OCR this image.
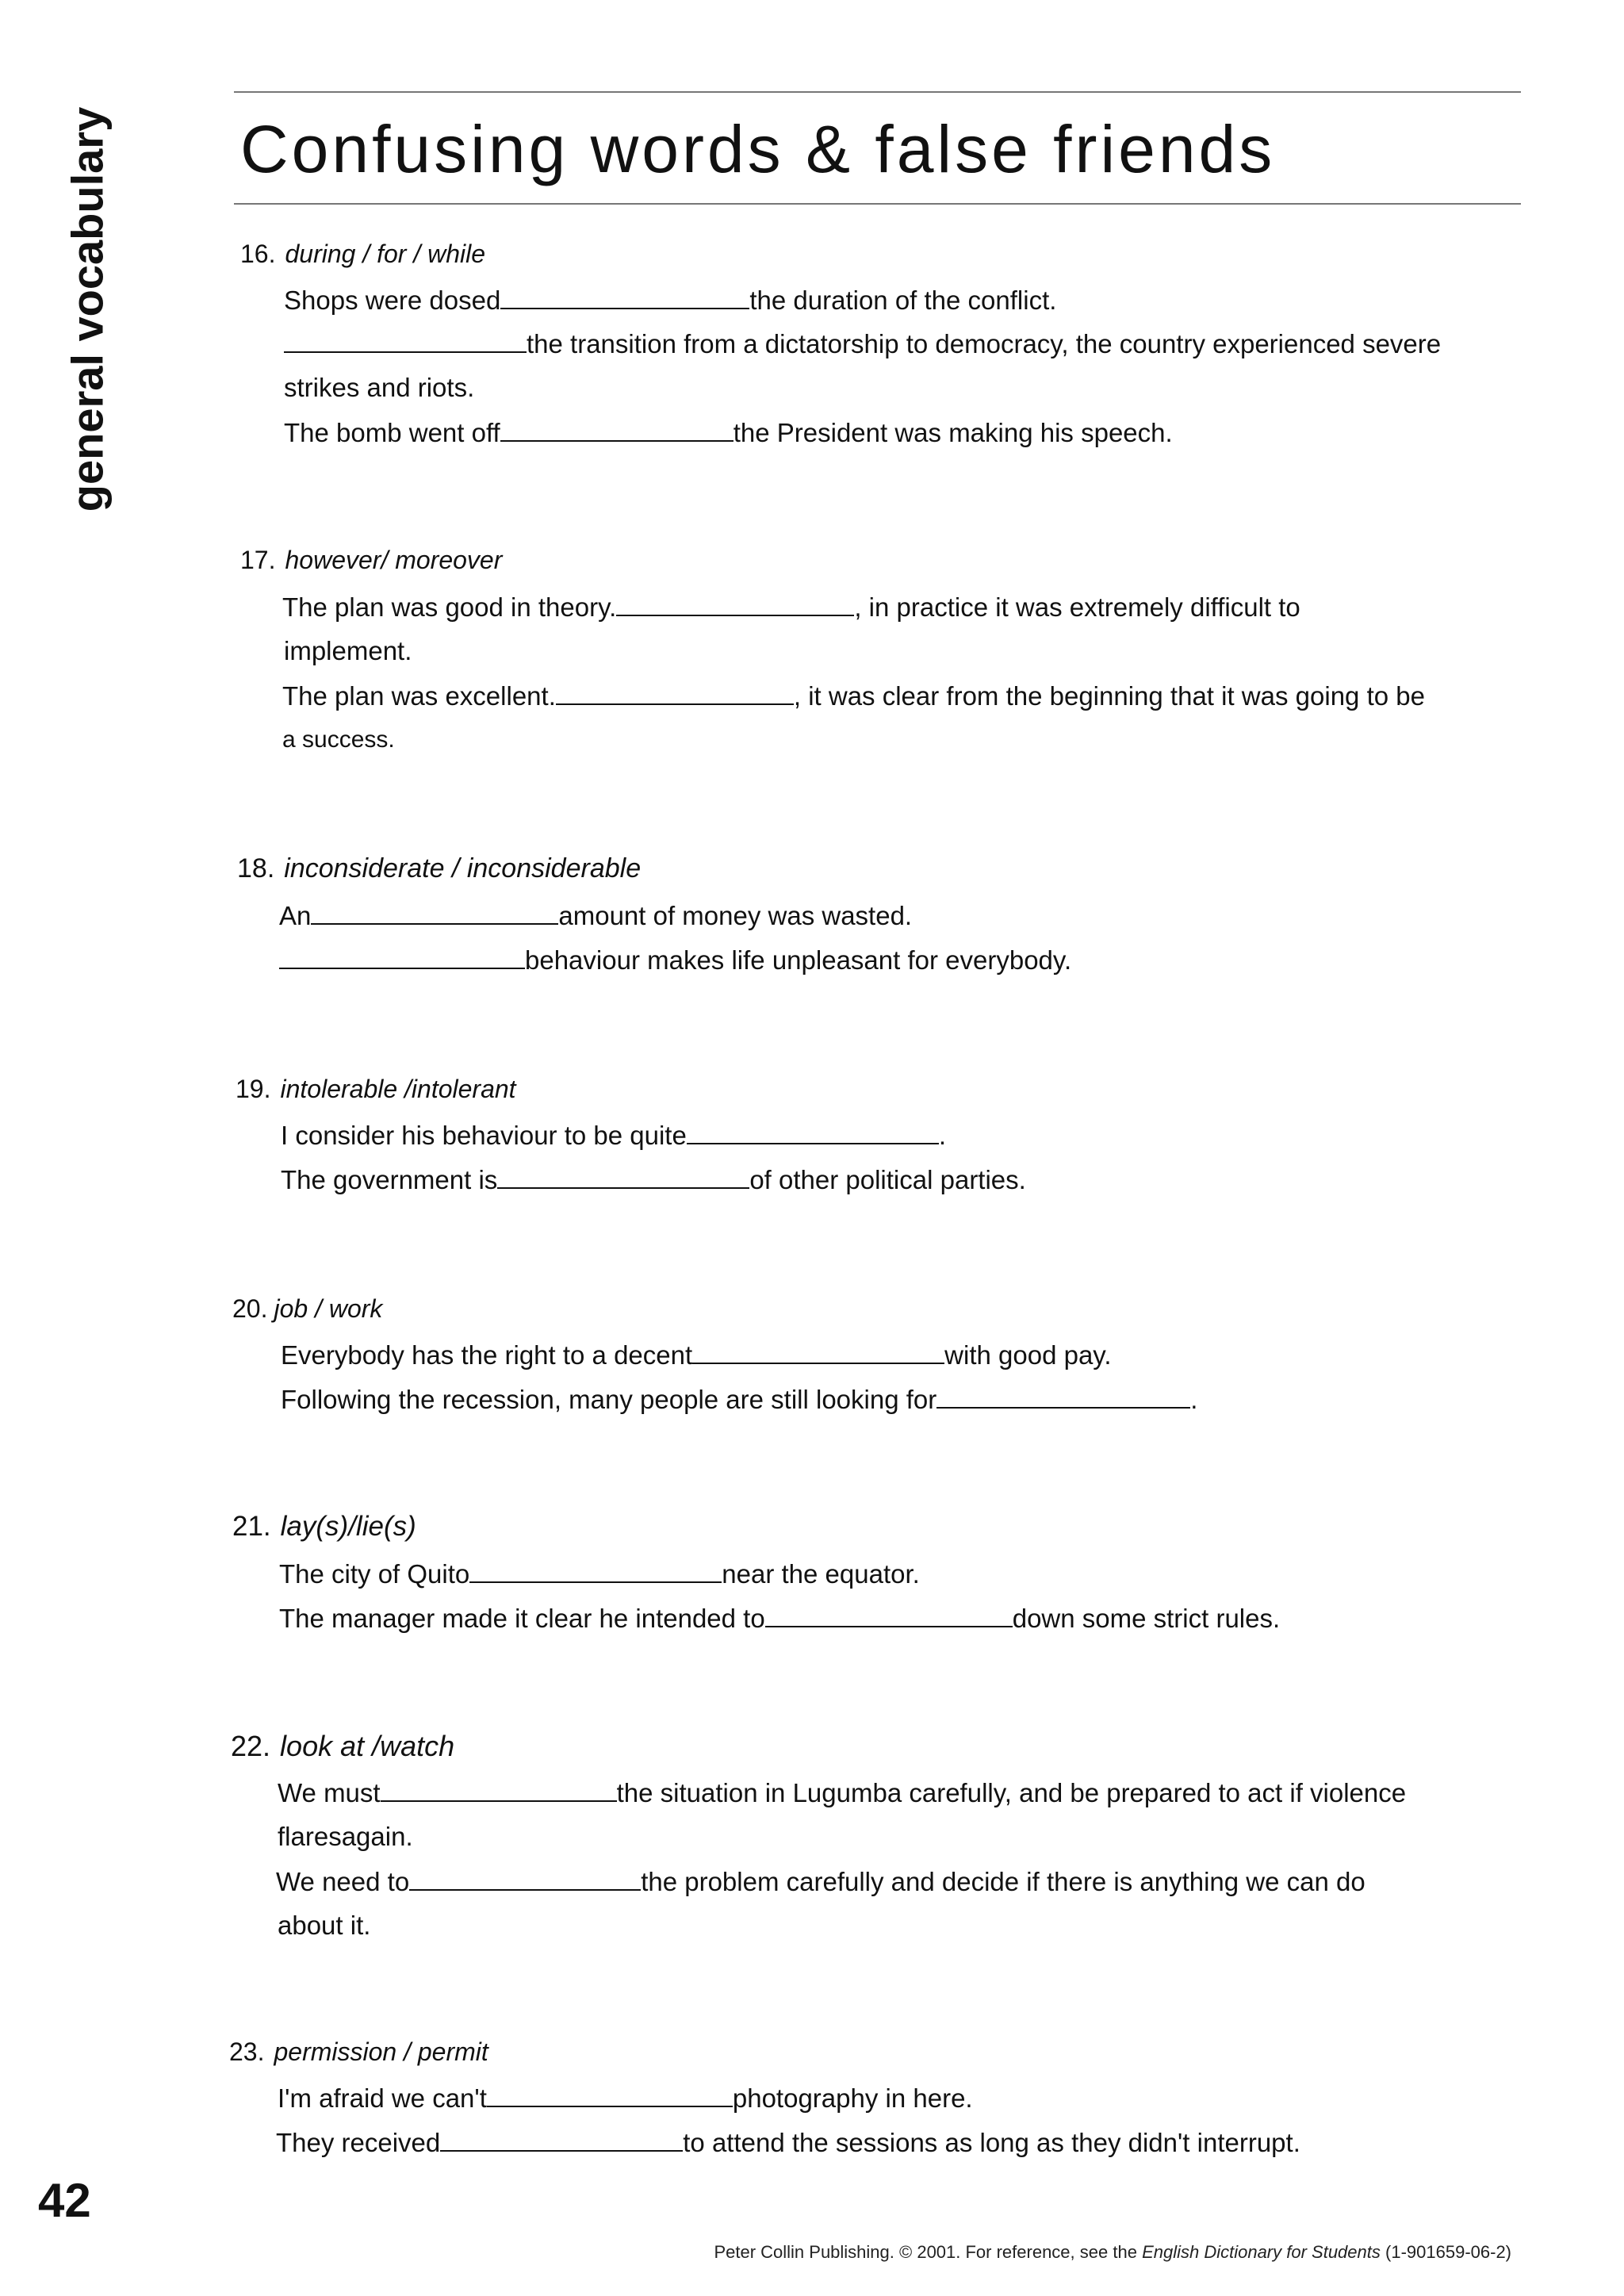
general vocabulary Confusing words & false friends
16. during / for / while
Shops were dosed	the duration of the conflict.
the transition from a dictatorship to democracy, the country experienced severe
strikes and riots.
The bomb went off	the President was making his speech.
17. however/ moreover
The plan was good in theory.	, in practice it was extremely difficult to
implement.
The plan was excellent.	, it was clear from the beginning that it was going to be
a success.
18. inconsiderate / inconsiderable
An	amount of money was wasted.
behaviour makes life unpleasant for everybody.
19. intolerable /intolerant
I consider his behaviour to be quite	.
The government is	of other political parties.
20. job / work
Everybody has the right to a decent	with good pay.
Following the recession, many people are still looking for	.
21. lay(s)/lie(s)
The city of Quito	near the equator.
The manager made it clear he intended to	down some strict rules.
22. look at /watch
We must	the situation in Lugumba carefully, and be prepared to act if violence
flaresagain.
We need to	the problem carefully and decide if there is anything we can do
about it.
23. permission / permit
I'm afraid we can't	photography in here.
They received	to attend the sessions as long as they didn't interrupt.
42
Peter Collin Publishing. © 2001. For reference, see the English Dictionary for Students (1-901659-06-2)
